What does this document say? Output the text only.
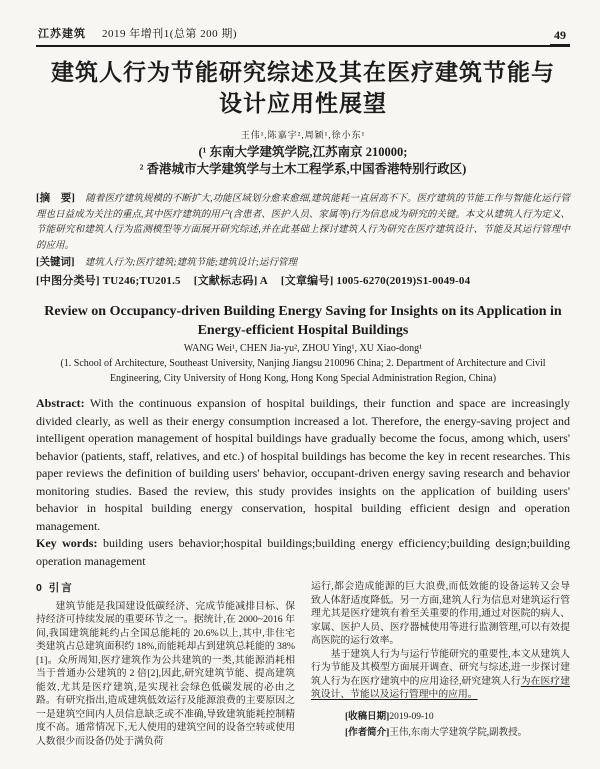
江苏建筑 2019 年增刊1(总第 200 期)	49
建筑人行为节能研究综述及其在医疗建筑节能与
设计应用性展望
王伟¹,陈嘉宇²,周颖¹,徐小东¹
(¹ 东南大学建筑学院,江苏南京 210000;
² 香港城市大学建筑学与土木工程学系,中国香港特别行政区)
[摘　要] 随着医疗建筑规模的不断扩大,功能区域划分愈来愈细,建筑能耗一直居高不下。医疗建筑的节能工作与智能化运行管理也日益成为关注的重点,其中医疗建筑的用户(含患者、医护人员、家属等)行为信息成为研究的关键。本文从建筑人行为定义、节能研究和建筑人行为监测模型等方面展开研究综述,并在此基础上探讨建筑人行为研究在医疗建筑设计、节能及其运行管理中的应用。
[关键词] 建筑人行为;医疗建筑;建筑节能;建筑设计;运行管理
[中图分类号] TU246;TU201.5 [文献标志码] A [文章编号] 1005-6270(2019)S1-0049-04
Review on Occupancy-driven Building Energy Saving for Insights on its Application in
Energy-efficient Hospital Buildings
WANG Wei¹, CHEN Jia-yu², ZHOU Ying¹, XU Xiao-dong¹
(1. School of Architecture, Southeast University, Nanjing Jiangsu 210096 China; 2. Department of Architecture and Civil
Engineering, City University of Hong Kong, Hong Kong Special Administration Region, China)
Abstract: With the continuous expansion of hospital buildings, their function and space are increasingly divided clearly, as well as their energy consumption increased a lot. Therefore, the energy-saving project and intelligent operation management of hospital buildings have gradually become the focus, among which, users' behavior (patients, staff, relatives, and etc.) of hospital buildings has become the key in recent researches. This paper reviews the definition of building users' behavior, occupant-driven energy saving research and behavior monitoring studies. Based the review, this study provides insights on the application of building users' behavior in hospital building energy conservation, hospital building efficient design and operation management.
Key words: building users behavior;hospital buildings;building energy efficiency;building design;building operation management
0 引言

建筑节能是我国建设低碳经济、完成节能减排目标、保持经济可持续发展的重要环节之一。据统计,在 2000~2016 年间,我国建筑能耗约占全国总能耗的 20.6%以上,其中,非住宅类建筑占总建筑面积约 18%,而能耗却占到建筑总耗能的 38%[1]。众所周知,医疗建筑作为公共建筑的一类,其能源消耗相当于普通办公建筑的 2 倍[2],因此,研究建筑节能、提高建筑能效,尤其是医疗建筑,是实现社会绿色低碳发展的必由之路。有研究指出,造成建筑低效运行及能源浪费的主要原因之一是建筑空间内人员信息缺乏或不准确,导致建筑能耗控制精度不高。通常情况下,无人使用的建筑空间的设备空转或使用人数很少而设备仍处于满负荷

运行,都会造成能源的巨大浪费,而低效能的设备运转又会导致人体舒适度降低。另一方面,建筑人行为信息对建筑运行管理尤其是医疗建筑有着至关重要的作用,通过对医院的病人、家属、医护人员、医疗器械使用等进行监测管理,可以有效提高医院的运行效率。

基于建筑人行为与运行节能研究的重要性,本文从建筑人行为节能及其模型方面展开调查、研究与综述,进一步探讨建筑人行为在医疗建筑中的应用途径,研究建筑人行为在医疗建筑设计、节能以及运行管理中的应用。

[收稿日期]2019-09-10
[作者简介]王伟,东南大学建筑学院,副教授。
